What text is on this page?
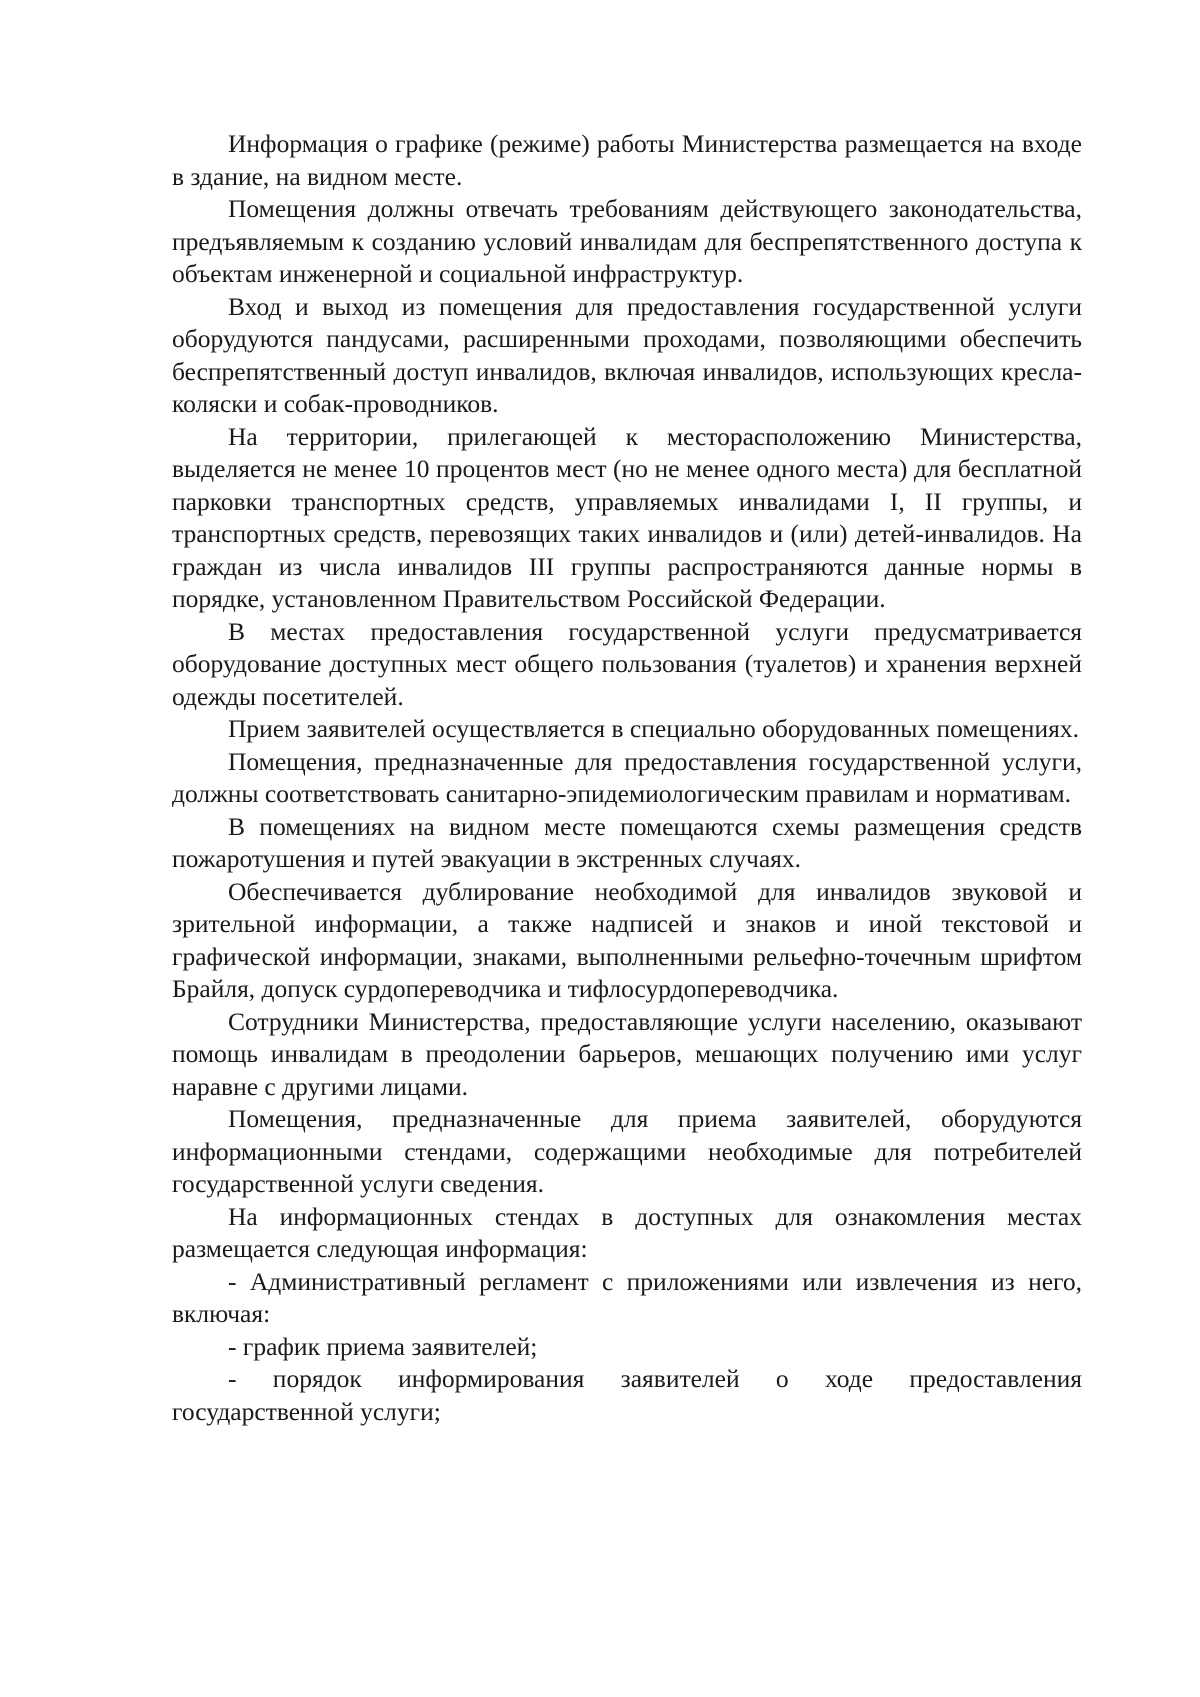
Информация о графике (режиме) работы Министерства размещается на входе в здание, на видном месте.

Помещения должны отвечать требованиям действующего законодательства, предъявляемым к созданию условий инвалидам для беспрепятственного доступа к объектам инженерной и социальной инфраструктур.

Вход и выход из помещения для предоставления государственной услуги оборудуются пандусами, расширенными проходами, позволяющими обеспечить беспрепятственный доступ инвалидов, включая инвалидов, использующих кресла-коляски и собак-проводников.

На территории, прилегающей к месторасположению Министерства, выделяется не менее 10 процентов мест (но не менее одного места) для бесплатной парковки транспортных средств, управляемых инвалидами I, II группы, и транспортных средств, перевозящих таких инвалидов и (или) детей-инвалидов. На граждан из числа инвалидов III группы распространяются данные нормы в порядке, установленном Правительством Российской Федерации.

В местах предоставления государственной услуги предусматривается оборудование доступных мест общего пользования (туалетов) и хранения верхней одежды посетителей.

Прием заявителей осуществляется в специально оборудованных помещениях.

Помещения, предназначенные для предоставления государственной услуги, должны соответствовать санитарно-эпидемиологическим правилам и нормативам.

В помещениях на видном месте помещаются схемы размещения средств пожаротушения и путей эвакуации в экстренных случаях.

Обеспечивается дублирование необходимой для инвалидов звуковой и зрительной информации, а также надписей и знаков и иной текстовой и графической информации, знаками, выполненными рельефно-точечным шрифтом Брайля, допуск сурдопереводчика и тифлосурдопереводчика.

Сотрудники Министерства, предоставляющие услуги населению, оказывают помощь инвалидам в преодолении барьеров, мешающих получению ими услуг наравне с другими лицами.

Помещения, предназначенные для приема заявителей, оборудуются информационными стендами, содержащими необходимые для потребителей государственной услуги сведения.

На информационных стендах в доступных для ознакомления местах размещается следующая информация:

- Административный регламент с приложениями или извлечения из него, включая:

- график приема заявителей;

- порядок информирования заявителей о ходе предоставления государственной услуги;
